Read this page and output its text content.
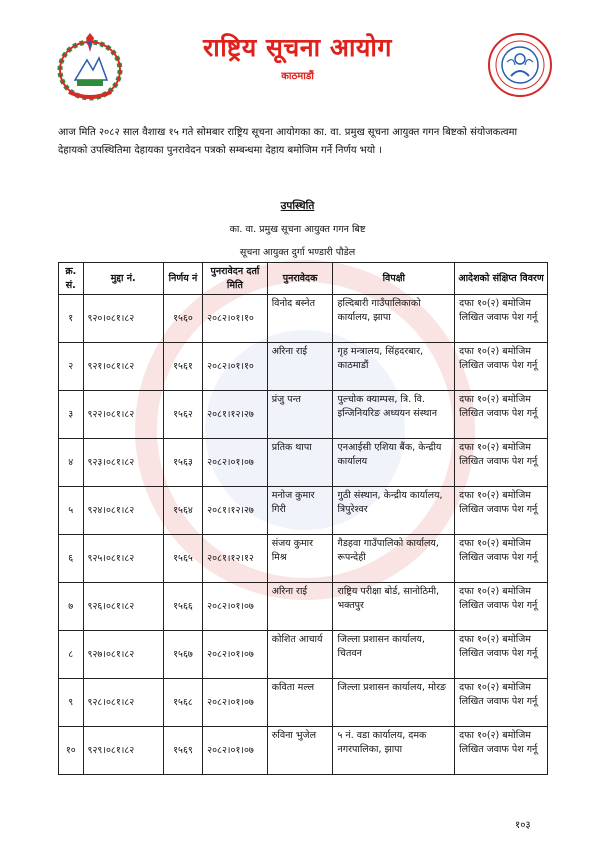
राष्ट्रिय सूचना आयोग
काठमाडौं
आज मिति २०८२ साल वैशाख १५ गते सोमबार राष्ट्रिय सूचना आयोगका का. वा. प्रमुख सूचना आयुक्त गगन बिष्टको संयोजकत्वमा देहायको उपस्थितिमा देहायका पुनरावेदन पत्रको सम्बन्धमा देहाय बमोजिम गर्ने निर्णय भयो ।
उपस्थिति
का. वा. प्रमुख सूचना आयुक्त गगन बिष्ट
सूचना आयुक्त दुर्गा भण्डारी पौडेल
क्र. सं.	मुद्दा नं.	निर्णय नं	पुनरावेदन दर्ता मिति	पुनरावेदक	विपक्षी	आदेशको संक्षिप्त विवरण
१	९२०।०८१।८२	१५६०	२०८२।०१।१०	विनोद बस्नेत	हल्दिबारी गाउँपालिकाको कार्यालय, झापा	दफा १०(२) बमोजिम लिखित जवाफ पेश गर्नू
२	९२१।०८१।८२	१५६१	२०८२।०१।१०	अरिना राई	गृह मन्त्रालय, सिंहदरबार, काठमाडौं	दफा १०(२) बमोजिम लिखित जवाफ पेश गर्नू
३	९२२।०८१।८२	१५६२	२०८१।१२।२७	प्रंजु पन्त	पुल्चोक क्याम्पस, त्रि. वि. इन्जिनियरिङ अध्ययन संस्थान	दफा १०(२) बमोजिम लिखित जवाफ पेश गर्नू
४	९२३।०८१।८२	१५६३	२०८२।०१।०७	प्रतिक थापा	एनआईसी एशिया बैंक, केन्द्रीय कार्यालय	दफा १०(२) बमोजिम लिखित जवाफ पेश गर्नू
५	९२४।०८१।८२	१५६४	२०८१।१२।२७	मनोज कुमार गिरी	गुठी संस्थान, केन्द्रीय कार्यालय, त्रिपुरेश्वर	दफा १०(२) बमोजिम लिखित जवाफ पेश गर्नू
६	९२५।०८१।८२	१५६५	२०८१।१२।१२	संजय कुमार मिश्र	गैडहवा गाउँपालिको कार्यालय, रूपन्देही	दफा १०(२) बमोजिम लिखित जवाफ पेश गर्नू
७	९२६।०८१।८२	१५६६	२०८२।०१।०७	अरिना राई	राष्ट्रिय परीक्षा बोर्ड, सानोठिमी, भक्तपुर	दफा १०(२) बमोजिम लिखित जवाफ पेश गर्नू
८	९२७।०८१।८२	१५६७	२०८२।०१।०७	कोशित आचार्य	जिल्ला प्रशासन कार्यालय, चितवन	दफा १०(२) बमोजिम लिखित जवाफ पेश गर्नू
९	९२८।०८१।८२	१५६८	२०८२।०१।०७	कविता मल्ल	जिल्ला प्रशासन कार्यालय, मोरङ	दफा १०(२) बमोजिम लिखित जवाफ पेश गर्नू
१०	९२९।०८१।८२	१५६९	२०८२।०१।०७	रुविना भुजेल	५ नं. वडा कार्यालय, दमक नगरपालिका, झापा	दफा १०(२) बमोजिम लिखित जवाफ पेश गर्नू
१०३
